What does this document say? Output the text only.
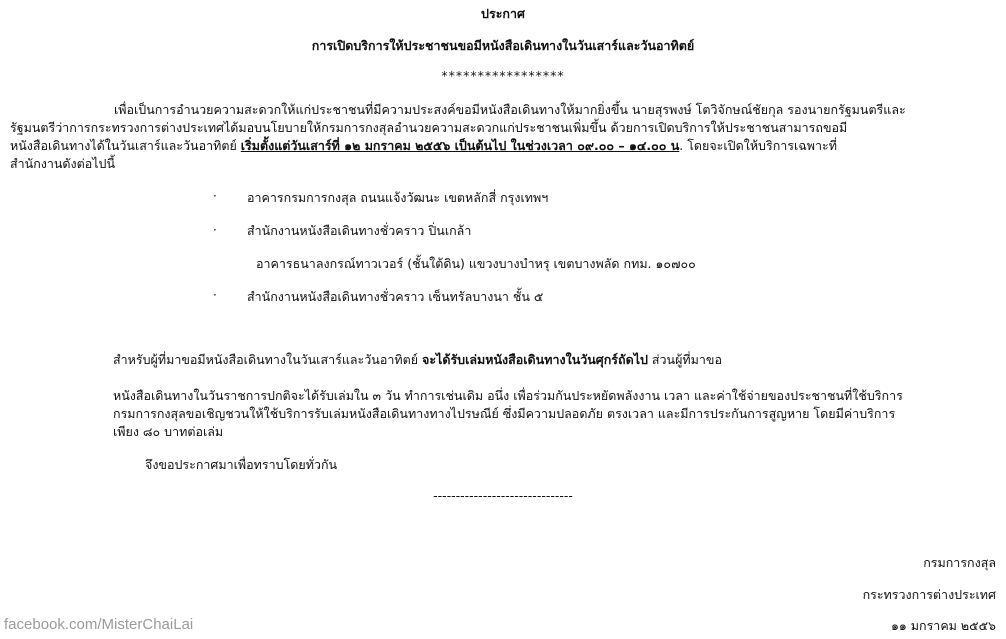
ประกาศ
การเปิดบริการให้ประชาชนขอมีหนังสือเดินทางในวันเสาร์และวันอาทิตย์
*****************
เพื่อเป็นการอำนวยความสะดวกให้แก่ประชาชนที่มีความประสงค์ขอมีหนังสือเดินทางให้มากยิ่งขึ้น นายสุรพงษ์ โตวิจักษณ์ชัยกุล รองนายกรัฐมนตรีและ
รัฐมนตรีว่าการกระทรวงการต่างประเทศได้มอบนโยบายให้กรมการกงสุลอำนวยความสะดวกแก่ประชาชนเพิ่มขึ้น ด้วยการเปิดบริการให้ประชาชนสามารถขอมี
หนังสือเดินทางได้ในวันเสาร์และวันอาทิตย์ เริ่มตั้งแต่วันเสาร์ที่ ๑๒ มกราคม ๒๕๕๖ เป็นต้นไป ในช่วงเวลา ๐๙.๐๐ – ๑๔.๐๐ น. โดยจะเปิดให้บริการเฉพาะที่
สำนักงานดังต่อไปนี้
· อาคารกรมการกงสุล ถนนแจ้งวัฒนะ เขตหลักสี่ กรุงเทพฯ
· สำนักงานหนังสือเดินทางชั่วคราว ปิ่นเกล้า
อาคารธนาลงกรณ์ทาวเวอร์ (ชั้นใต้ดิน) แขวงบางบำหรุ เขตบางพลัด กทม. ๑๐๗๐๐
· สำนักงานหนังสือเดินทางชั่วคราว เซ็นทรัลบางนา ชั้น ๕
สำหรับผู้ที่มาขอมีหนังสือเดินทางในวันเสาร์และวันอาทิตย์ จะได้รับเล่มหนังสือเดินทางในวันศุกร์ถัดไป ส่วนผู้ที่มาขอ
หนังสือเดินทางในวันราชการปกติจะได้รับเล่มใน ๓ วัน ทำการเช่นเดิม อนึ่ง เพื่อร่วมกันประหยัดพลังงาน เวลา และค่าใช้จ่ายของประชาชนที่ใช้บริการ
กรมการกงสุลขอเชิญชวนให้ใช้บริการรับเล่มหนังสือเดินทางทางไปรษณีย์ ซึ่งมีความปลอดภัย ตรงเวลา และมีการประกันการสูญหาย โดยมีค่าบริการ
เพียง ๘๐ บาทต่อเล่ม
จึงขอประกาศมาเพื่อทราบโดยทั่วกัน
-------------------------------
กรมการกงสุล
กระทรวงการต่างประเทศ
๑๑ มกราคม ๒๕๕๖
facebook.com/MisterChaiLai
